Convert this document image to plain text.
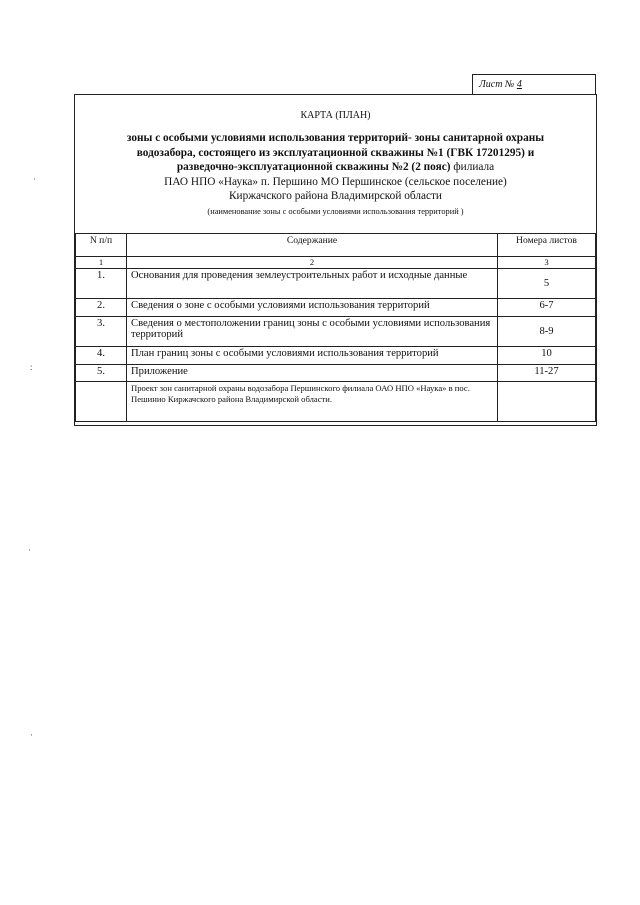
Лист № 4
КАРТА (ПЛАН)
зоны с особыми условиями использования территорий- зоны санитарной охраны
водозабора, состоящего из эксплуатационной скважины №1 (ГВК 17201295) и
разведочно-эксплуатационной скважины №2 (2 пояс) филиала
ПАО НПО «Наука» п. Першино МО Першинское (сельское поселение)
Киржачского района Владимирской области
(наименование зоны с особыми условиями использования территорий )
N п/п	Содержание	Номера листов
1	2	3
1.	Основания для проведения землеустроительных работ и исходные данные	5
2.	Сведения о зоне с особыми условиями использования территорий	6-7
3.	Сведения о местоположении границ зоны с особыми условиями использования территорий	8-9
4.	План границ зоны с особыми условиями использования территорий	10
5.	Приложение	11-27
	Проект зон санитарной охраны водозабора Першинского филиала ОАО НПО «Наука» в пос. Пешинио Киржачского района Владимирской области.	
·
:
·
·
